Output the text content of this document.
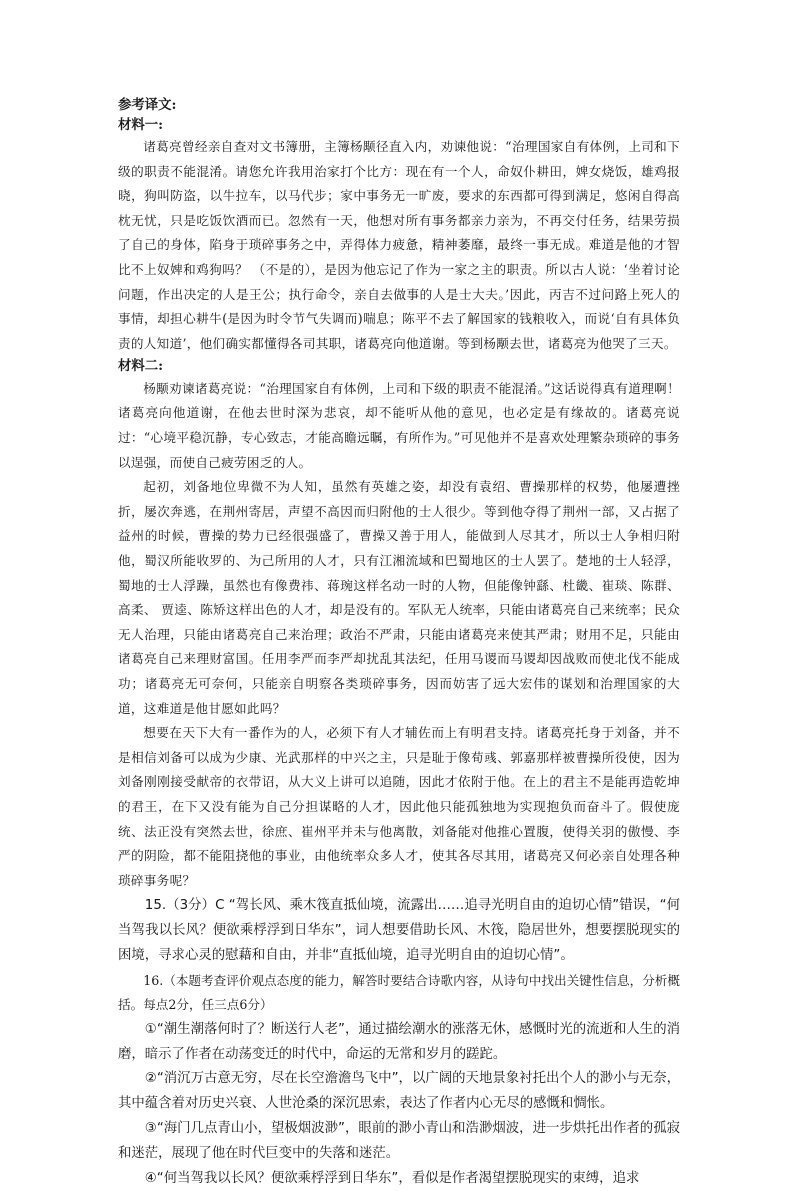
参考译文:

材料一:

诸葛亮曾经亲自查对文书簿册，主簿杨颙径直入内，劝谏他说：“治理国家自有体例，上司和下级的职责不能混淆。请您允许我用治家打个比方：现在有一个人，命奴仆耕田，婢女烧饭，雄鸡报晓，狗叫防盗，以牛拉车，以马代步；家中事务无一旷废，要求的东西都可得到满足，悠闲自得高枕无忧，只是吃饭饮酒而已。忽然有一天，他想对所有事务都亲力亲为，不再交付任务，结果劳损了自己的身体，陷身于琐碎事务之中，弄得体力疲惫，精神萎靡，最终一事无成。难道是他的才智比不上奴婢和鸡狗吗？ （不是的），是因为他忘记了作为一家之主的职责。所以古人说：‘坐着讨论问题，作出决定的人是王公；执行命令，亲自去做事的人是士大夫。’因此，丙吉不过问路上死人的事情，却担心耕牛(是因为时令节气失调而)喘息；陈平不去了解国家的钱粮收入，而说‘自有具体负责的人知道’，他们确实都懂得各司其职，诸葛亮向他道谢。等到杨颙去世，诸葛亮为他哭了三天。

材料二:

杨颙劝谏诸葛亮说：“治理国家自有体例，上司和下级的职责不能混淆。”这话说得真有道理啊！诸葛亮向他道谢，在他去世时深为悲哀，却不能听从他的意见，也必定是有缘故的。诸葛亮说过：“心境平稳沉静，专心致志，才能高瞻远瞩，有所作为。”可见他并不是喜欢处理繁杂琐碎的事务以逞强，而使自己疲劳困乏的人。

起初，刘备地位卑微不为人知，虽然有英雄之姿，却没有袁绍、曹操那样的权势，他屡遭挫折，屡次奔逃，在荆州寄居，声望不高因而归附他的士人很少。等到他夺得了荆州一部，又占据了益州的时候，曹操的势力已经很强盛了，曹操又善于用人，能做到人尽其才，所以士人争相归附他，蜀汉所能收罗的、为己所用的人才，只有江湘流域和巴蜀地区的士人罢了。楚地的士人轻浮，蜀地的士人浮躁，虽然也有像费祎、蒋琬这样名动一时的人物，但能像钟繇、杜畿、崔琰、陈群、 高柔、 贾逵、陈矫这样出色的人才，却是没有的。军队无人统率，只能由诸葛亮自己来统率；民众无人治理，只能由诸葛亮自己来治理；政治不严肃，只能由诸葛亮来使其严肃；财用不足，只能由诸葛亮自己来理财富国。任用李严而李严却扰乱其法纪，任用马谡而马谡却因战败而使北伐不能成功；诸葛亮无可奈何，只能亲自明察各类琐碎事务，因而妨害了远大宏伟的谋划和治理国家的大道，这难道是他甘愿如此吗？

想要在天下大有一番作为的人，必须下有人才辅佐而上有明君支持。诸葛亮托身于刘备，并不是相信刘备可以成为少康、光武那样的中兴之主，只是耻于像荀彧、郭嘉那样被曹操所役使，因为刘备刚刚接受献帝的衣带诏，从大义上讲可以追随，因此才依附于他。在上的君主不是能再造乾坤的君王，在下又没有能为自己分担谋略的人才，因此他只能孤独地为实现抱负而奋斗了。假使庞统、法正没有突然去世，徐庶、崔州平并未与他离散，刘备能对他推心置腹，使得关羽的傲慢、李严的阴险，都不能阻挠他的事业，由他统率众多人才，使其各尽其用，诸葛亮又何必亲自处理各种琐碎事务呢？

15.（3分）C “驾长风、乘木筏直抵仙境，流露出……追寻光明自由的迫切心情”错误，“何当驾我以长风？便欲乘桴浮到日华东”，词人想要借助长风、木筏，隐居世外，想要摆脱现实的困境，寻求心灵的慰藉和自由，并非“直抵仙境，追寻光明自由的迫切心情”。

16.（本题考查评价观点态度的能力，解答时要结合诗歌内容，从诗句中找出关键性信息，分析概括。每点2分，任三点6分）

①“潮生潮落何时了？断送行人老”，通过描绘潮水的涨落无休，感慨时光的流逝和人生的消磨，暗示了作者在动荡变迁的时代中，命运的无常和岁月的蹉跎。

②“消沉万古意无穷，尽在长空澹澹鸟飞中”，以广阔的天地景象衬托出个人的渺小与无奈，其中蕴含着对历史兴衰、人世沧桑的深沉思索，表达了作者内心无尽的感慨和惆怅。

③“海门几点青山小，望极烟波渺”，眼前的渺小青山和浩渺烟波，进一步烘托出作者的孤寂和迷茫，展现了他在时代巨变中的失落和迷茫。

④“何当驾我以长风？便欲乘桴浮到日华东”，看似是作者渴望摆脱现实的束缚，追求
